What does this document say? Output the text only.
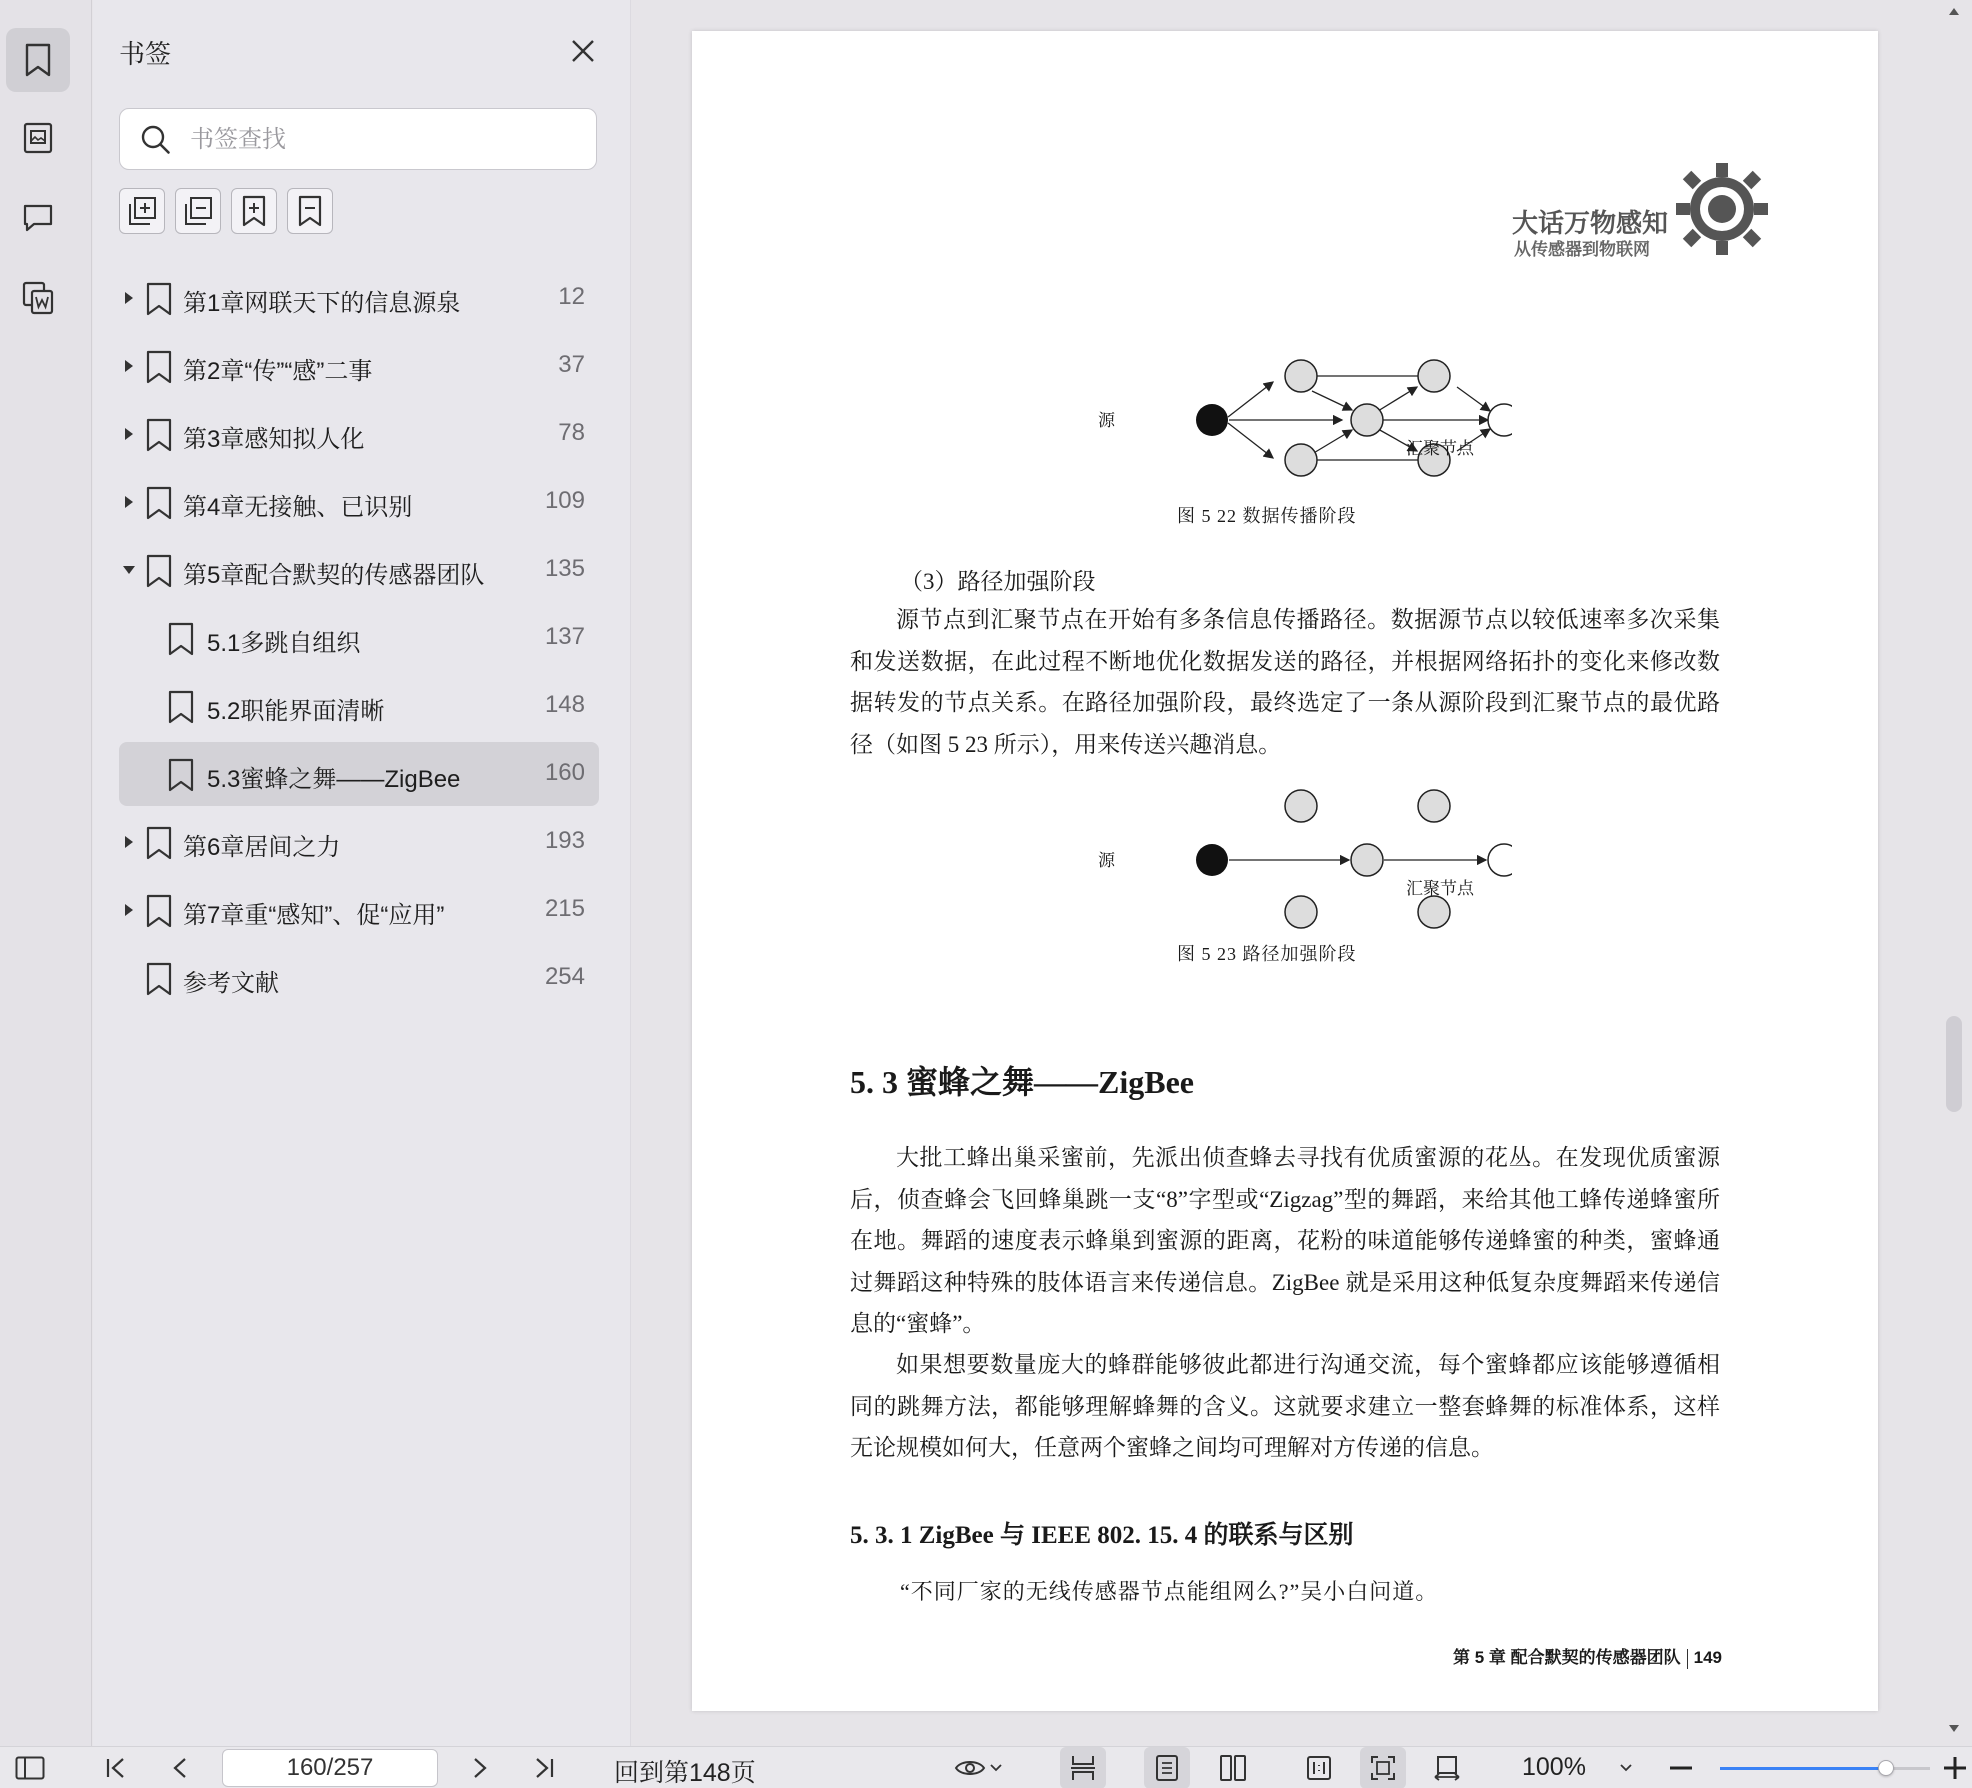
书签
书签查找
第1章网联天下的信息源泉	12
第2章“传”“感”二事	37
第3章感知拟人化	78
第4章无接触、已识别	109
第5章配合默契的传感器团队	135
5.1多跳自组织	137
5.2职能界面清晰	148
5.3蜜蜂之舞——ZigBee	160
第6章居间之力	193
第7章重“感知”、促“应用”	215
参考文献	254
大话万物感知
从传感器到物联网
源
汇聚节点
图 5 22 数据传播阶段
（3）路径加强阶段
源节点到汇聚节点在开始有多条信息传播路径。数据源节点以较低速率多次采集和发送数据，在此过程不断地优化数据发送的路径，并根据网络拓扑的变化来修改数据转发的节点关系。在路径加强阶段，最终选定了一条从源阶段到汇聚节点的最优路径（如图 5 23 所示），用来传送兴趣消息。
源
汇聚节点
图 5 23 路径加强阶段
5. 3 蜜蜂之舞——ZigBee
大批工蜂出巢采蜜前，先派出侦查蜂去寻找有优质蜜源的花丛。在发现优质蜜源后，侦查蜂会飞回蜂巢跳一支“8”字型或“Zigzag”型的舞蹈，来给其他工蜂传递蜂蜜所在地。舞蹈的速度表示蜂巢到蜜源的距离，花粉的味道能够传递蜂蜜的种类，蜜蜂通过舞蹈这种特殊的肢体语言来传递信息。ZigBee 就是采用这种低复杂度舞蹈来传递信息的“蜜蜂”。
如果想要数量庞大的蜂群能够彼此都进行沟通交流，每个蜜蜂都应该能够遵循相同的跳舞方法，都能够理解蜂舞的含义。这就要求建立一整套蜂舞的标准体系，这样无论规模如何大，任意两个蜜蜂之间均可理解对方传递的信息。
5. 3. 1 ZigBee 与 IEEE 802. 15. 4 的联系与区别
“不同厂家的无线传感器节点能组网么?”吴小白问道。
第 5 章 配合默契的传感器团队 149
160/257
回到第148页	100%
